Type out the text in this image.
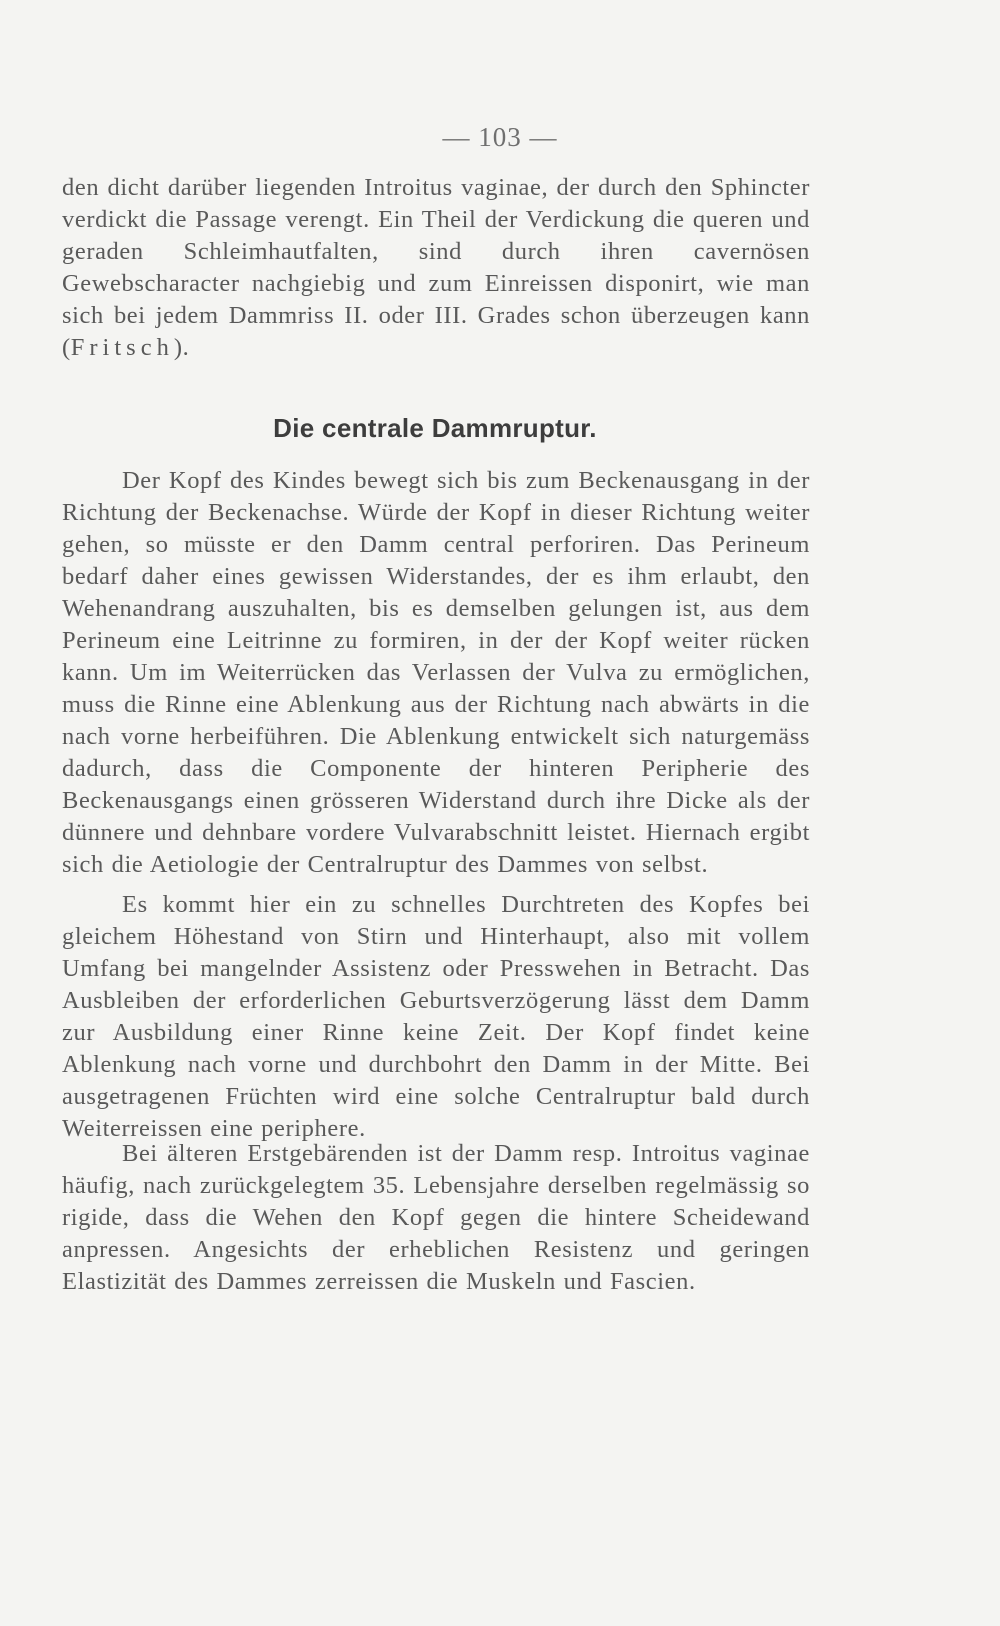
— 103 —

den dicht darüber liegenden Introitus vaginae, der durch den Sphincter verdickt die Passage verengt. Ein Theil der Verdickung die queren und geraden Schleimhautfalten, sind durch ihren cavernösen Gewebscharacter nachgiebig und zum Einreissen disponirt, wie man sich bei jedem Dammriss II. oder III. Grades schon überzeugen kann (Fritsch).

Die centrale Dammruptur.

Der Kopf des Kindes bewegt sich bis zum Beckenausgang in der Richtung der Beckenachse. Würde der Kopf in dieser Richtung weiter gehen, so müsste er den Damm central perforiren. Das Perineum bedarf daher eines gewissen Widerstandes, der es ihm erlaubt, den Wehenandrang auszuhalten, bis es demselben gelungen ist, aus dem Perineum eine Leitrinne zu formiren, in der der Kopf weiter rücken kann. Um im Weiterrücken das Verlassen der Vulva zu ermöglichen, muss die Rinne eine Ablenkung aus der Richtung nach abwärts in die nach vorne herbeiführen. Die Ablenkung entwickelt sich naturgemäss dadurch, dass die Componente der hinteren Peripherie des Beckenausgangs einen grösseren Widerstand durch ihre Dicke als der dünnere und dehnbare vordere Vulvarabschnitt leistet. Hiernach ergibt sich die Aetiologie der Centralruptur des Dammes von selbst.

Es kommt hier ein zu schnelles Durchtreten des Kopfes bei gleichem Höhestand von Stirn und Hinterhaupt, also mit vollem Umfang bei mangelnder Assistenz oder Presswehen in Betracht. Das Ausbleiben der erforderlichen Geburtsverzögerung lässt dem Damm zur Ausbildung einer Rinne keine Zeit. Der Kopf findet keine Ablenkung nach vorne und durchbohrt den Damm in der Mitte. Bei ausgetragenen Früchten wird eine solche Centralruptur bald durch Weiterreissen eine periphere.

Bei älteren Erstgebärenden ist der Damm resp. Introitus vaginae häufig, nach zurückgelegtem 35. Lebensjahre derselben regelmässig so rigide, dass die Wehen den Kopf gegen die hintere Scheidewand anpressen. Angesichts der erheblichen Resistenz und geringen Elastizität des Dammes zerreissen die Muskeln und Fascien.
